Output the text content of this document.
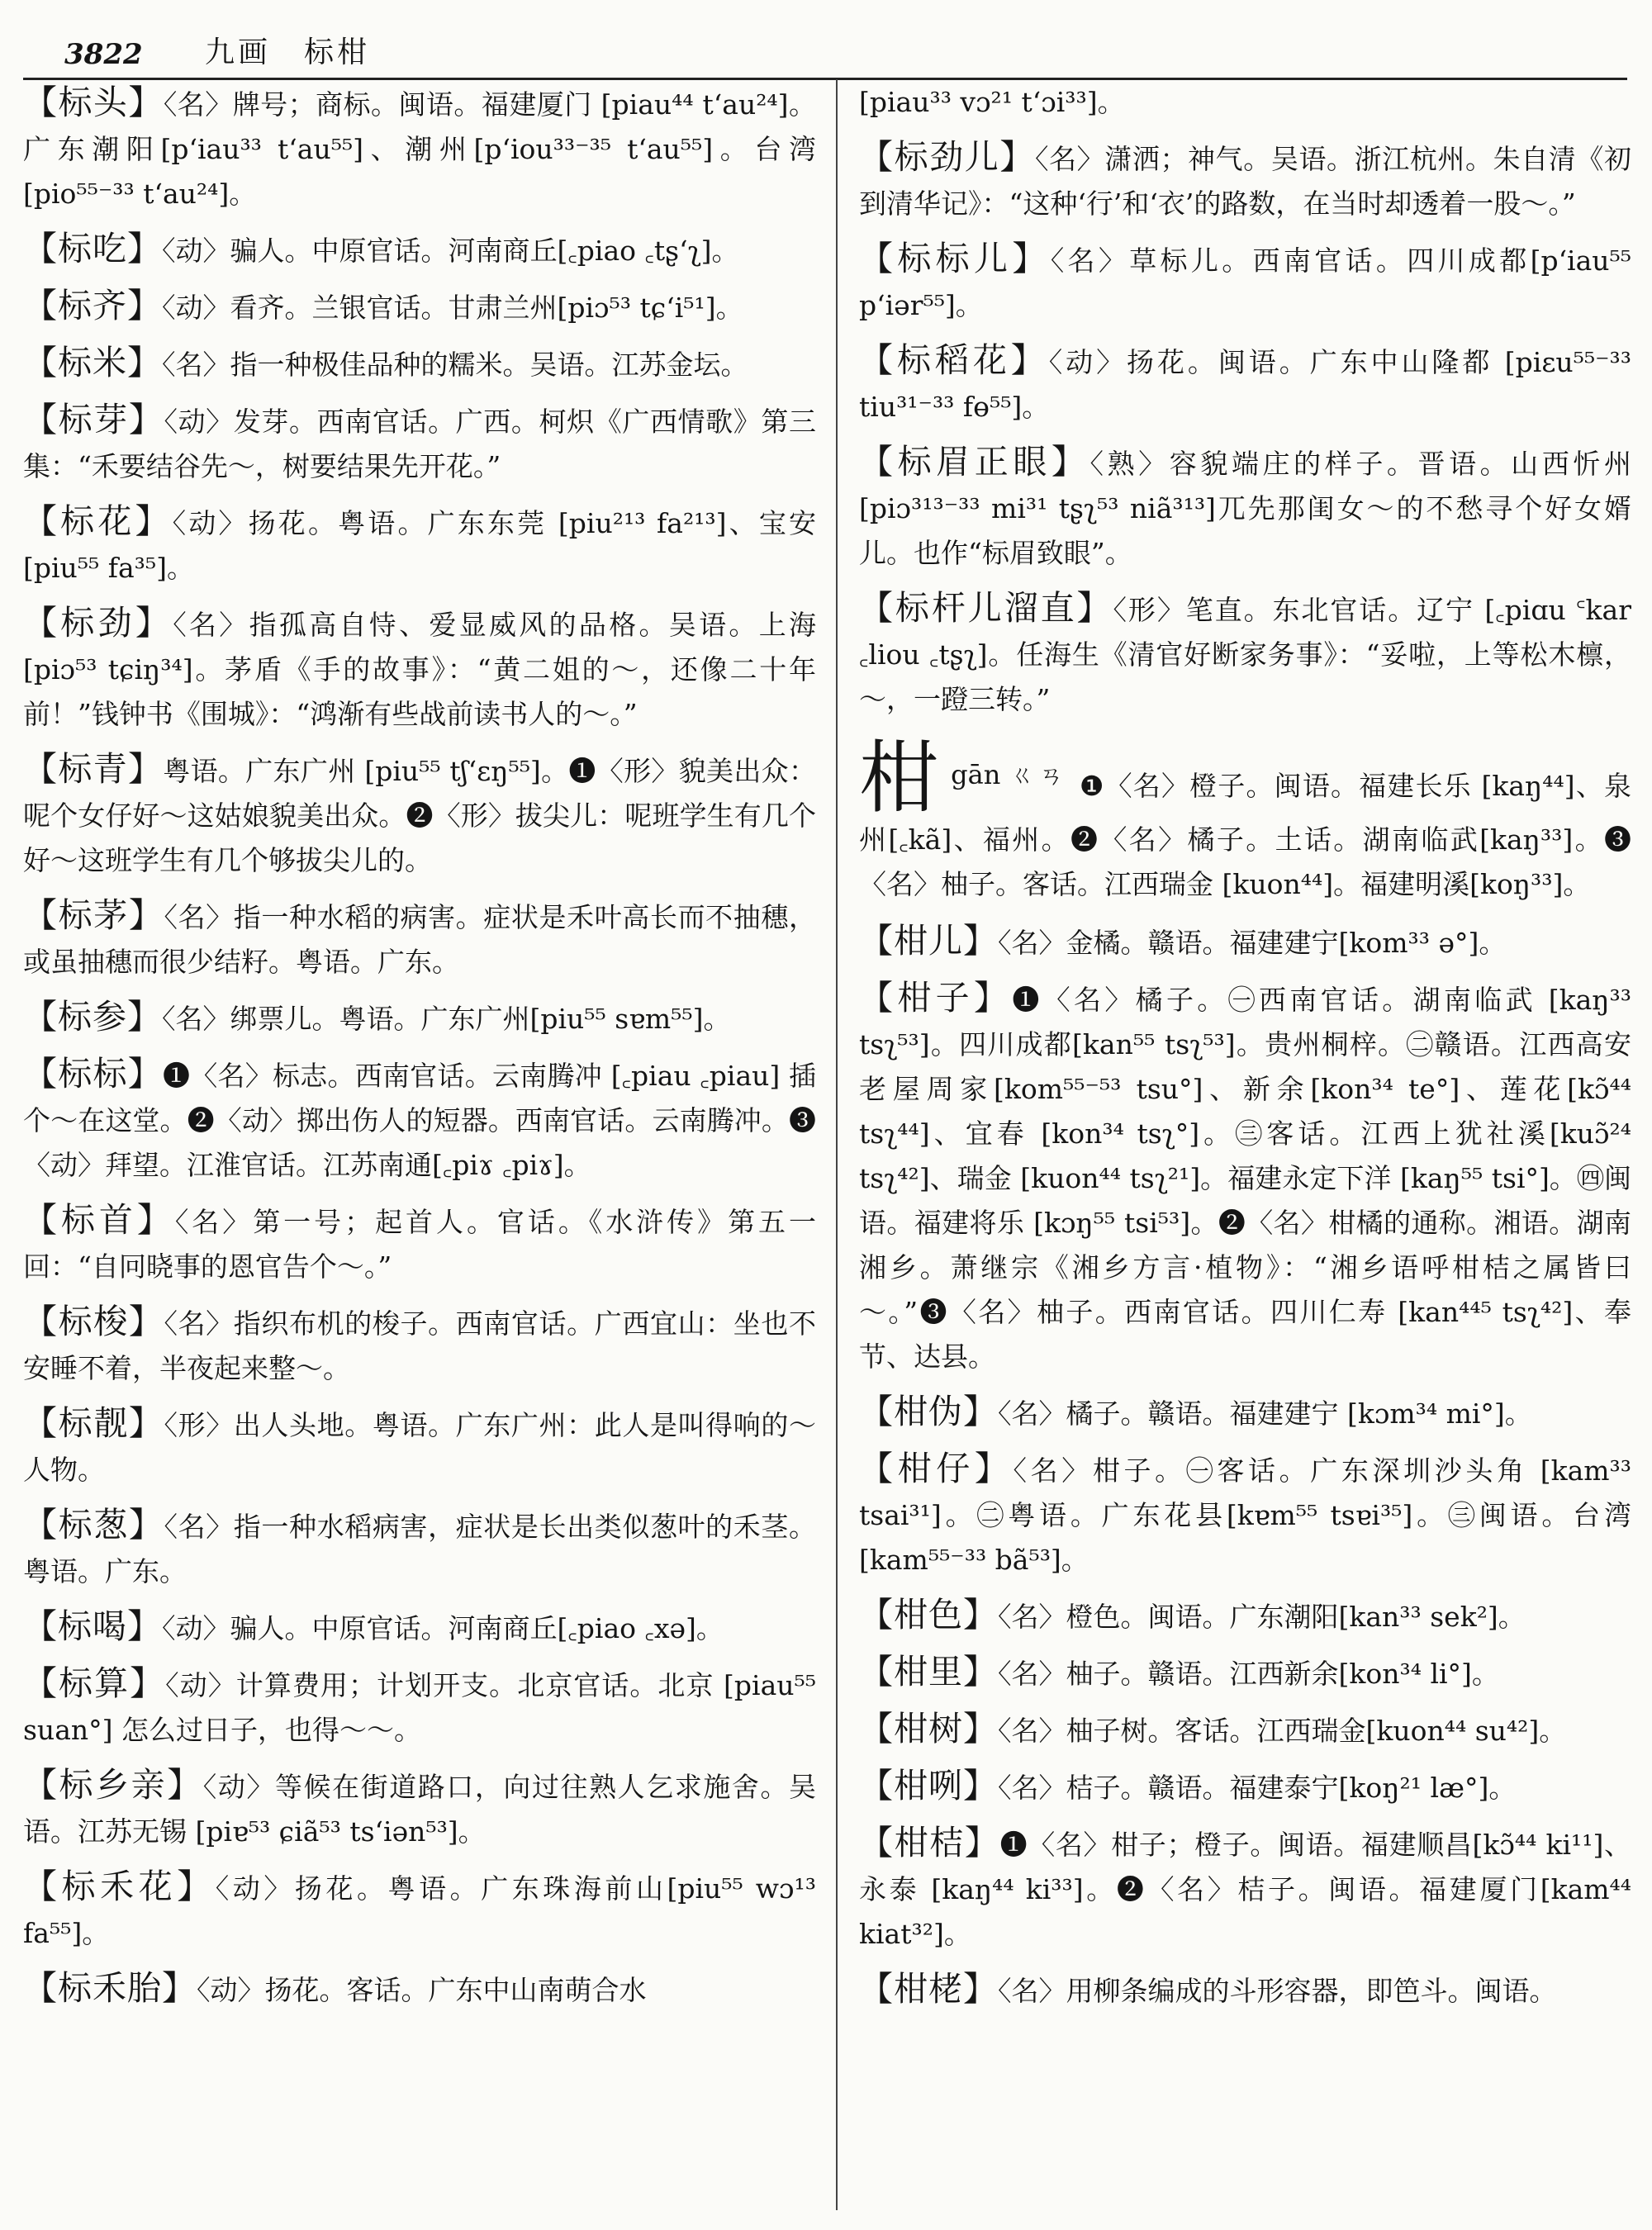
3822	九画　标柑

【标头】〈名〉牌号；商标。闽语。福建厦门 [piau⁴⁴ tʻau²⁴]。广东潮阳[pʻiau³³ tʻau⁵⁵]、潮州[pʻiou³³⁻³⁵ tʻau⁵⁵]。台湾[pio⁵⁵⁻³³ tʻau²⁴]。

【标吃】〈动〉骗人。中原官话。河南商丘[꜀piao ꜀tʂʻʅ]。

【标齐】〈动〉看齐。兰银官话。甘肃兰州[piɔ⁵³ tɕʻi⁵¹]。

【标米】〈名〉指一种极佳品种的糯米。吴语。江苏金坛。

【标芽】〈动〉发芽。西南官话。广西。柯炽《广西情歌》第三集：“禾要结谷先～，树要结果先开花。”

【标花】〈动〉扬花。粤语。广东东莞 [piu²¹³ fa²¹³]、宝安 [piu⁵⁵ fa³⁵]。

【标劲】〈名〉指孤高自恃、爱显威风的品格。吴语。上海 [piɔ⁵³ tɕiŋ³⁴]。茅盾《手的故事》：“黄二姐的～，还像二十年前！”钱钟书《围城》：“鸿渐有些战前读书人的～。”

【标青】粤语。广东广州 [piu⁵⁵ tʃʻɛŋ⁵⁵]。❶〈形〉貌美出众：呢个女仔好～这姑娘貌美出众。❷〈形〉拔尖儿：呢班学生有几个好～这班学生有几个够拔尖儿的。

【标茅】〈名〉指一种水稻的病害。症状是禾叶高长而不抽穗，或虽抽穗而很少结籽。粤语。广东。

【标参】〈名〉绑票儿。粤语。广东广州[piu⁵⁵ sɐm⁵⁵]。

【标标】❶〈名〉标志。西南官话。云南腾冲 [꜀piau ꜀piau] 插个～在这堂。❷〈动〉掷出伤人的短器。西南官话。云南腾冲。❸〈动〉拜望。江淮官话。江苏南通[꜀piɤ ꜀piɤ]。

【标首】〈名〉第一号；起首人。官话。《水浒传》第五一回：“自冋晓事的恩官告个～。”

【标梭】〈名〉指织布机的梭子。西南官话。广西宜山：坐也不安睡不着，半夜起来整～。

【标靓】〈形〉出人头地。粤语。广东广州：此人是叫得响的～人物。

【标葱】〈名〉指一种水稻病害，症状是长出类似葱叶的禾茎。粤语。广东。

【标喝】〈动〉骗人。中原官话。河南商丘[꜀piao ꜀xə]。

【标算】〈动〉计算费用；计划开支。北京官话。北京 [piau⁵⁵ suan°] 怎么过日子，也得～～。

【标乡亲】〈动〉等候在街道路口，向过往熟人乞求施舍。吴语。江苏无锡 [piɐ⁵³ ɕiã⁵³ tsʻiən⁵³]。

【标禾花】〈动〉扬花。粤语。广东珠海前山[piu⁵⁵ wɔ¹³ fa⁵⁵]。

【标禾胎】〈动〉扬花。客话。广东中山南萌合水

[piau³³ vɔ²¹ tʻɔi³³]。

【标劲儿】〈名〉潇洒；神气。吴语。浙江杭州。朱自清《初到清华记》：“这种‘行’和‘衣’的路数，在当时却透着一股～。”

【标标儿】〈名〉草标儿。西南官话。四川成都[pʻiau⁵⁵ pʻiər⁵⁵]。

【标稻花】〈动〉扬花。闽语。广东中山隆都 [piɛu⁵⁵⁻³³ tiu³¹⁻³³ fɵ⁵⁵]。

【标眉正眼】〈熟〉容貌端庄的样子。晋语。山西忻州[piɔ³¹³⁻³³ mi³¹ tʂʅ⁵³ niã³¹³]兀先那闺女～的不愁寻个好女婿儿。也作“标眉致眼”。

【标杆儿溜直】〈形〉笔直。东北官话。辽宁 [꜀piɑu ꜂kar ꜀liou ꜀tʂʅ]。任海生《清官好断家务事》：“妥啦，上等松木檩，～，一蹬三转。”

柑gān ㄍㄢ ❶〈名〉橙子。闽语。福建长乐 [kaŋ⁴⁴]、泉州[꜀kã]、福州。❷〈名〉橘子。土话。湖南临武[kaŋ³³]。❸〈名〉柚子。客话。江西瑞金 [kuon⁴⁴]。福建明溪[koŋ³³]。

【柑儿】〈名〉金橘。赣语。福建建宁[kom³³ ə°]。

【柑子】❶〈名〉橘子。㊀西南官话。湖南临武 [kaŋ³³ tsʅ⁵³]。四川成都[kan⁵⁵ tsʅ⁵³]。贵州桐梓。㊁赣语。江西高安老屋周家[kom⁵⁵⁻⁵³ tsu°]、新余[kon³⁴ te°]、莲花[kɔ̃⁴⁴ tsʅ⁴⁴]、宜春 [kon³⁴ tsʅ°]。㊂客话。江西上犹社溪[kuɔ̃²⁴ tsʅ⁴²]、瑞金 [kuon⁴⁴ tsʅ²¹]。福建永定下洋 [kaŋ⁵⁵ tsi°]。㊃闽语。福建将乐 [kɔŋ⁵⁵ tsi⁵³]。❷〈名〉柑橘的通称。湘语。湖南湘乡。萧继宗《湘乡方言·植物》：“湘乡语呼柑桔之属皆曰～。”❸〈名〉柚子。西南官话。四川仁寿 [kan⁴⁴⁵ tsʅ⁴²]、奉节、达县。

【柑伪】〈名〉橘子。赣语。福建建宁 [kɔm³⁴ mi°]。

【柑仔】〈名〉柑子。㊀客话。广东深圳沙头角 [kam³³ tsai³¹]。㊁粤语。广东花县[kɐm⁵⁵ tsɐi³⁵]。㊂闽语。台湾[kam⁵⁵⁻³³ bã⁵³]。

【柑色】〈名〉橙色。闽语。广东潮阳[kan³³ sek²]。

【柑里】〈名〉柚子。赣语。江西新余[kon³⁴ li°]。

【柑树】〈名〉柚子树。客话。江西瑞金[kuon⁴⁴ su⁴²]。

【柑咧】〈名〉桔子。赣语。福建泰宁[koŋ²¹ læ°]。

【柑桔】❶〈名〉柑子；橙子。闽语。福建顺昌[kɔ̃⁴⁴ ki¹¹]、永泰 [kaŋ⁴⁴ ki³³]。❷〈名〉桔子。闽语。福建厦门[kam⁴⁴ kiat³²]。

【柑栳】〈名〉用柳条编成的斗形容器，即笆斗。闽语。
